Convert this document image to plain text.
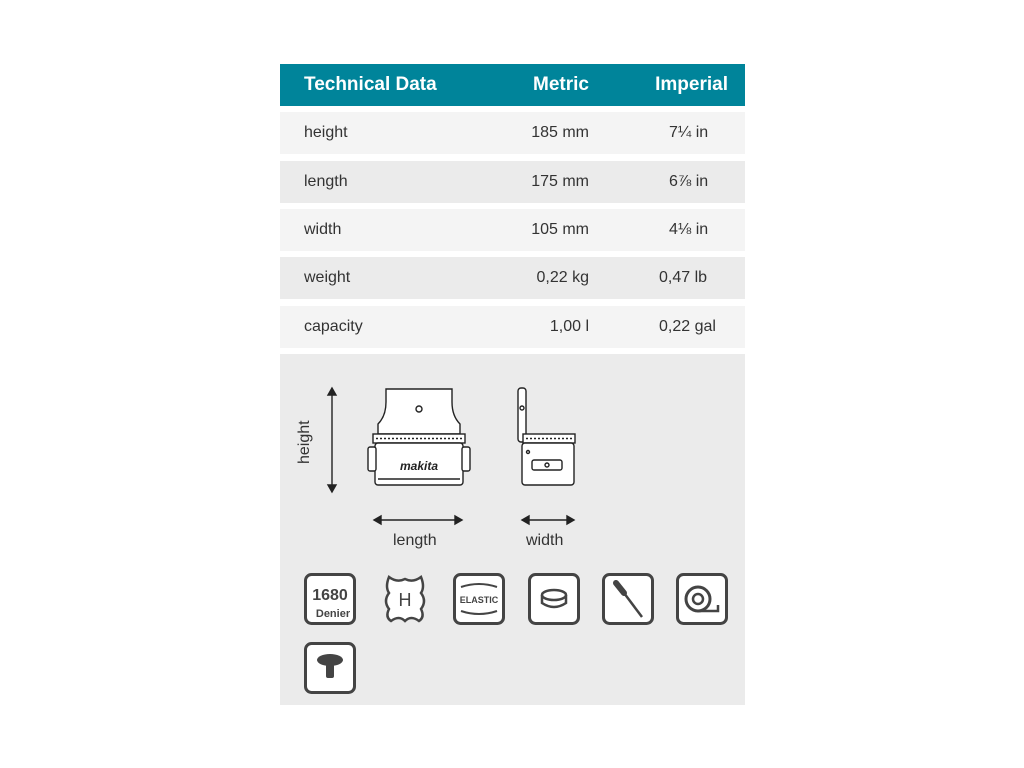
Technical Data	Metric	Imperial
height	185 mm	7¼ in
length	175 mm	6⅞ in
width	105 mm	4⅛ in
weight	0,22 kg	0,47 lb
capacity	1,00 l	0,22 gal
makita
height
length	width
1680
Denier
H	ELASTIC
